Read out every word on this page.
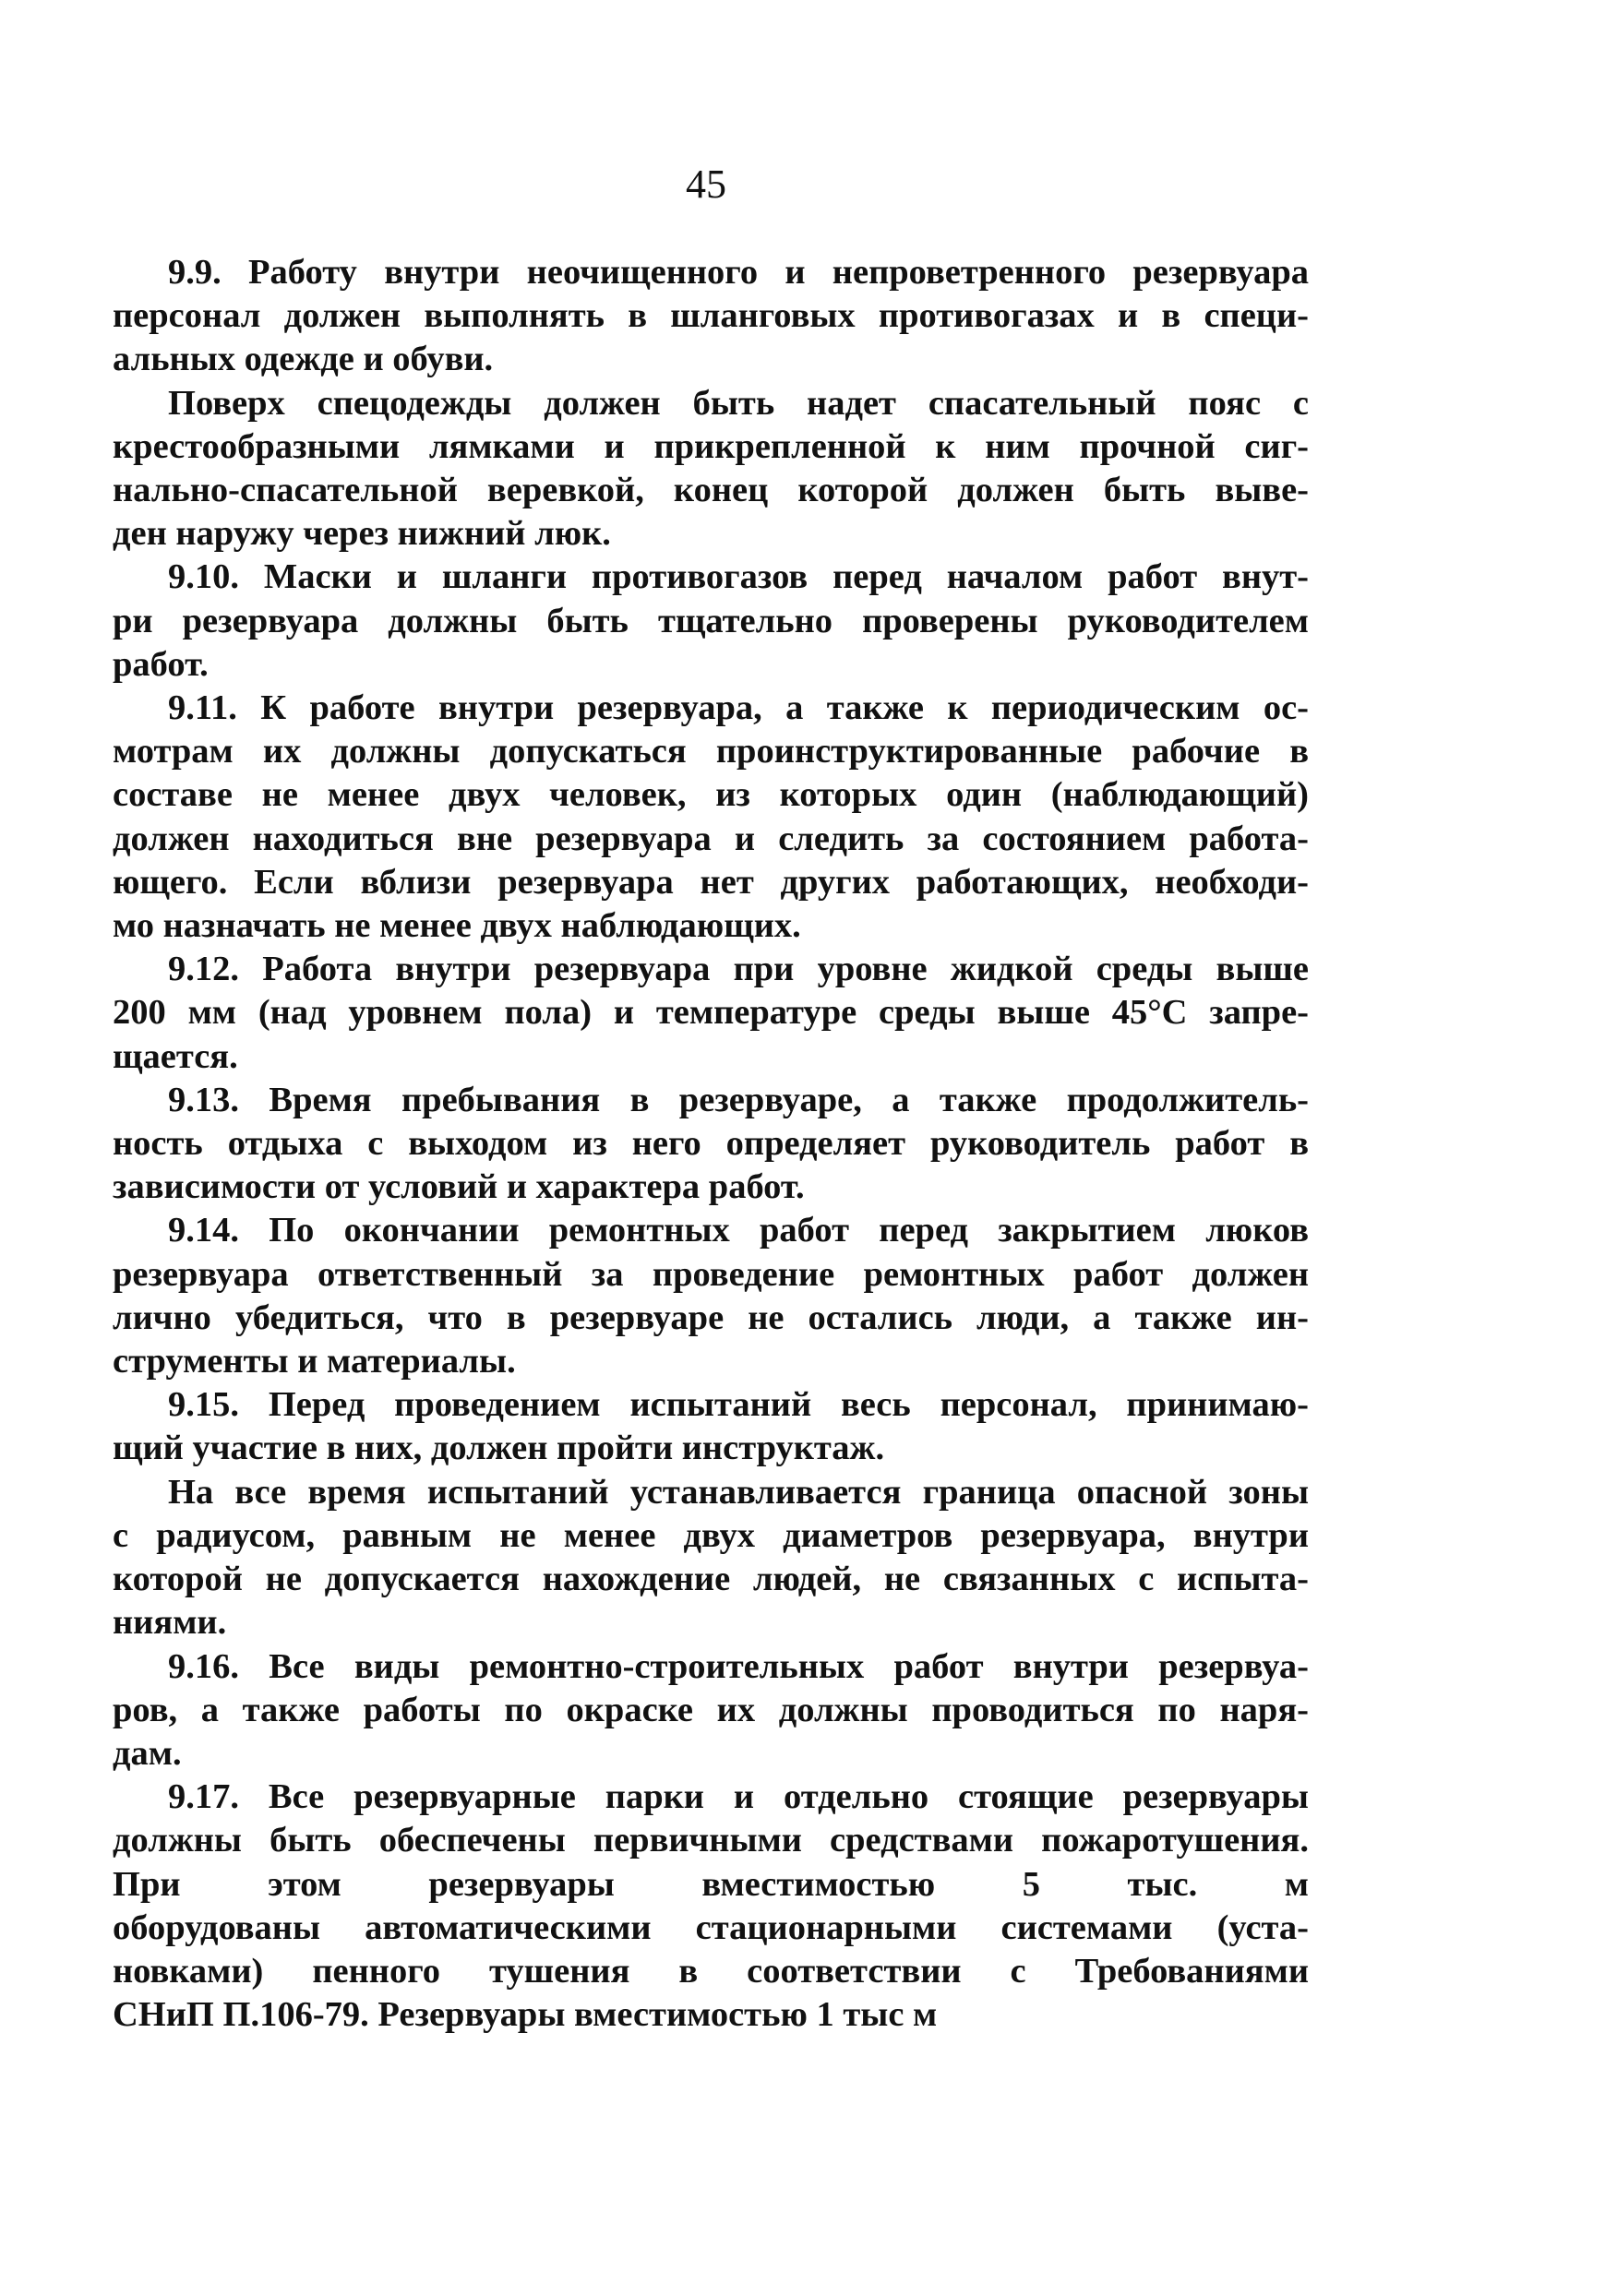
45
9.9. Работу внутри неочищенного и непроветренного резервуара
персонал должен выполнять в шланговых противогазах и в специ-
альных одежде и обуви.
Поверх спецодежды должен быть надет спасательный пояс с
крестообразными лямками и прикрепленной к ним прочной сиг-
нально-спасательной веревкой, конец которой должен быть выве-
ден наружу через нижний люк.
9.10. Маски и шланги противогазов перед началом работ внут-
ри резервуара должны быть тщательно проверены руководителем
работ.
9.11. К работе внутри резервуара, а также к периодическим ос-
мотрам их должны допускаться проинструктированные рабочие в
составе не менее двух человек, из которых один (наблюдающий)
должен находиться вне резервуара и следить за состоянием работа-
ющего. Если вблизи резервуара нет других работающих, необходи-
мо назначать не менее двух наблюдающих.
9.12. Работа внутри резервуара при уровне жидкой среды выше
200 мм (над уровнем пола) и температуре среды выше 45°С запре-
щается.
9.13. Время пребывания в резервуаре, а также продолжитель-
ность отдыха с выходом из него определяет руководитель работ в
зависимости от условий и характера работ.
9.14. По окончании ремонтных работ перед закрытием люков
резервуара ответственный за проведение ремонтных работ должен
лично убедиться, что в резервуаре не остались люди, а также ин-
струменты и материалы.
9.15. Перед проведением испытаний весь персонал, принимаю-
щий участие в них, должен пройти инструктаж.
На все время испытаний устанавливается граница опасной зоны
с радиусом, равным не менее двух диаметров резервуара, внутри
которой не допускается нахождение людей, не связанных с испыта-
ниями.
9.16. Все виды ремонтно-строительных работ внутри резервуа-
ров, а также работы по окраске их должны проводиться по наря-
дам.
9.17. Все резервуарные парки и отдельно стоящие резервуары
должны быть обеспечены первичными средствами пожаротушения.
При этом резервуары вместимостью 5 тыс. м
оборудованы автоматическими стационарными системами (уста-
новками) пенного тушения в соответствии с Требованиями
СНиП П.106-79. Резервуары вместимостью 1 тыс м
